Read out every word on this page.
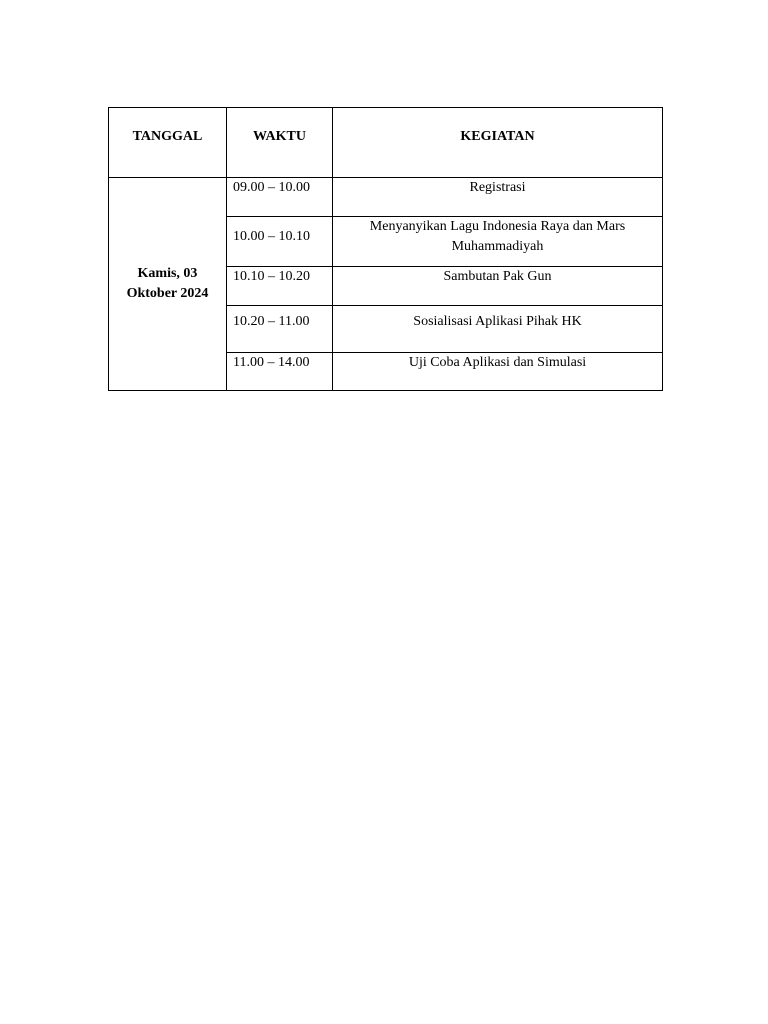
TANGGAL	WAKTU	KEGIATAN
Kamis, 03
Oktober 2024	09.00 – 10.00	Registrasi
	10.00 – 10.10	Menyanyikan Lagu Indonesia Raya dan Mars
Muhammadiyah
	10.10 – 10.20	Sambutan Pak Gun
	10.20 – 11.00	Sosialisasi Aplikasi Pihak HK
	11.00 – 14.00	Uji Coba Aplikasi dan Simulasi
